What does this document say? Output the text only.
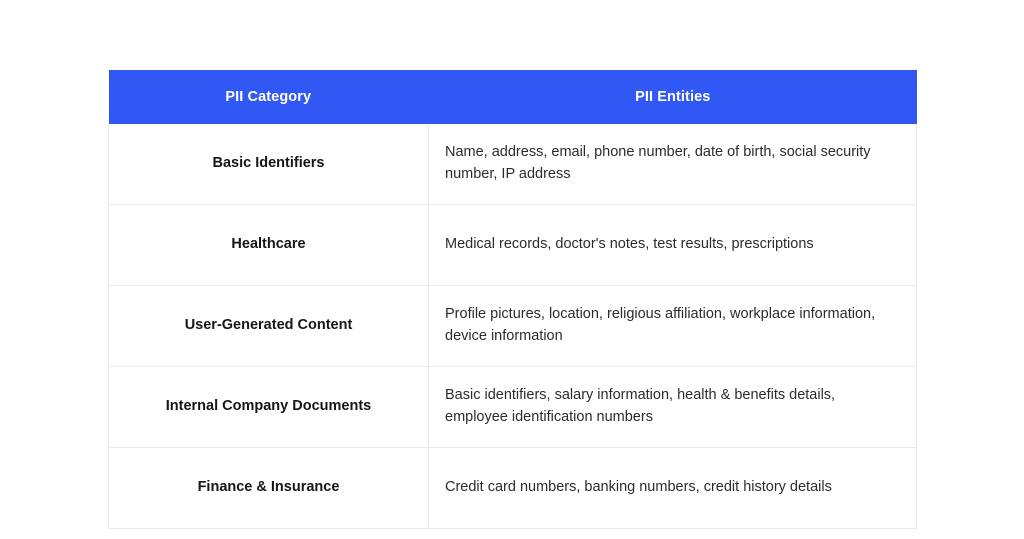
PII Category	PII Entities
Basic Identifiers	Name, address, email, phone number, date of birth, social security number, IP address
Healthcare	Medical records, doctor's notes, test results, prescriptions
User-Generated Content	Profile pictures, location, religious affiliation, workplace information, device information
Internal Company Documents	Basic identifiers, salary information, health & benefits details, employee identification numbers
Finance & Insurance	Credit card numbers, banking numbers, credit history details
